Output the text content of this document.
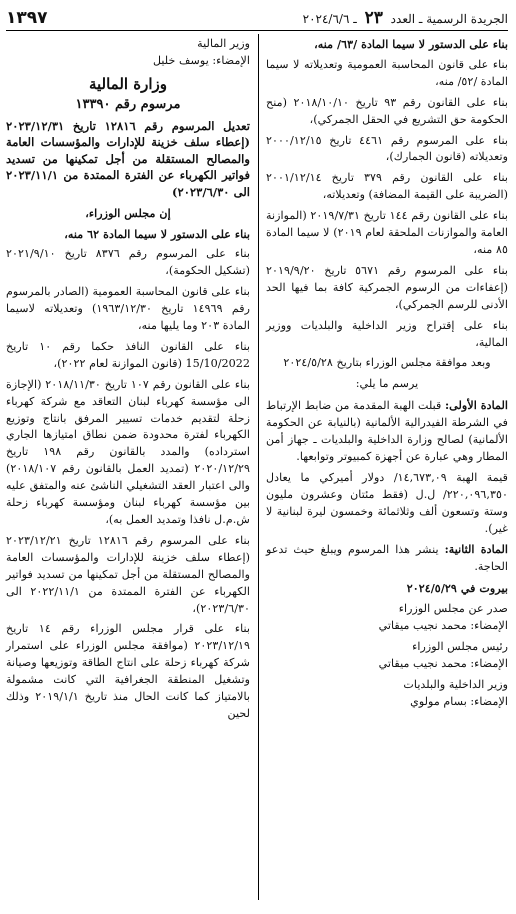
الجريدة الرسمية ـ العدد ٢٣ ـ ٢٠٢٤/٦/٦
١٣٩٧

بناء على الدستور لا سيما المادة /٦٣/ منه،

بناء على قانون المحاسبة العمومية وتعديلاته لا سيما المادة /٥٢/ منه،

بناء على القانون رقم ٩٣ تاريخ ٢٠١٨/١٠/١٠ (منح الحكومة حق التشريع في الحقل الجمركي)،

بناء على المرسوم رقم ٤٤٦١ تاريخ ٢٠٠٠/١٢/١٥ وتعديلاته (قانون الجمارك)،

بناء على القانون رقم ٣٧٩ تاريخ ٢٠٠١/١٢/١٤ (الضريبة على القيمة المضافة) وتعديلاته،

بناء على القانون رقم ١٤٤ تاريخ ٢٠١٩/٧/٣١ (الموازنة العامة والموازنات الملحقة لعام ٢٠١٩) لا سيما المادة ٨٥ منه،

بناء على المرسوم رقم ٥٦٧١ تاريخ ٢٠١٩/٩/٢٠ (إعفاءات من الرسوم الجمركية كافة بما فيها الحد الأدنى للرسم الجمركي)،

بناء على إقتراح وزير الداخلية والبلديات ووزير المالية،

وبعد موافقة مجلس الوزراء بتاريخ ٢٠٢٤/٥/٢٨

يرسم ما يلي:

المادة الأولى: قبلت الهبة المقدمة من ضابط الإرتباط في الشرطة الفيدرالية الألمانية (بالنيابة عن الحكومة الألمانية) لصالح وزارة الداخلية والبلديات ـ جهاز أمن المطار وهي عبارة عن أجهزة كمبيوتر وتوابعها.

قيمة الهبة ١٤,٦٧٣,٠٩/ دولار أميركي ما يعادل ٢٢٠,٠٩٦,٣٥٠/ ل.ل (فقط مئتان وعشرون مليون وستة وتسعون ألف وثلاثمائة وخمسون ليرة لبنانية لا غير).

المادة الثانية: ينشر هذا المرسوم ويبلغ حيث تدعو الحاجة.

بيروت في ٢٠٢٤/٥/٢٩

صدر عن مجلس الوزراء

الإمضاء: محمد نجيب ميقاتي

رئيس مجلس الوزراء

الإمضاء: محمد نجيب ميقاتي

وزير الداخلية والبلديات

الإمضاء: بسام مولوي

وزير المالية

الإمضاء: يوسف خليل

وزارة المالية
مرسوم رقم ١٣٣٩٠

تعديل المرسوم رقم ١٢٨١٦ تاريخ ٢٠٢٣/١٢/٣١ (إعطاء سلف خزينة للإدارات والمؤسسات العامة والمصالح المستقلة من أجل تمكينها من تسديد فواتير الكهرباء عن الفترة الممتدة من ٢٠٢٣/١١/١ الى ٢٠٢٣/٦/٣٠)

إن مجلس الوزراء،

بناء على الدستور لا سيما المادة ٦٢ منه،

بناء على المرسوم رقم ٨٣٧٦ تاريخ ٢٠٢١/٩/١٠ (تشكيل الحكومة)،

بناء على قانون المحاسبة العمومية (الصادر بالمرسوم رقم ١٤٩٦٩ تاريخ ١٩٦٣/١٢/٣٠) وتعديلاته لاسيما المادة ٢٠٣ وما يليها منه،

بناء على القانون النافذ حكما رقم ١٠ تاريخ 15/10/2022 (قانون الموازنة لعام ٢٠٢٢)،

بناء على القانون رقم ١٠٧ تاريخ ٢٠١٨/١١/٣٠ (الإجازة الى مؤسسة كهرباء لبنان التعاقد مع شركة كهرباء زحلة لتقديم خدمات تسيير المرفق بانتاج وتوزيع الكهرباء لفترة محدودة ضمن نطاق امتيازها الجاري استرداده) والمدد بالقانون رقم ١٩٨ تاريخ ٢٠٢٠/١٢/٢٩ (تمديد العمل بالقانون رقم ٢٠١٨/١٠٧) والى اعتبار العقد التشغيلي الناشئ عنه والمتفق عليه بين مؤسسة كهرباء لبنان ومؤسسة كهرباء زحلة ش.م.ل نافذا وتمديد العمل به)،

بناء على المرسوم رقم ١٢٨١٦ تاريخ ٢٠٢٣/١٢/٢١ (إعطاء سلف خزينة للإدارات والمؤسسات العامة والمصالح المستقلة من أجل تمكينها من تسديد فواتير الكهرباء عن الفترة الممتدة من ٢٠٢٢/١١/١ الى ٢٠٢٣/٦/٣٠)،

بناء على قرار مجلس الوزراء رقم ١٤ تاريخ ٢٠٢٣/١٢/١٩ (موافقة مجلس الوزراء على استمرار شركة كهرباء زحلة على انتاج الطاقة وتوزيعها وصيانة وتشغيل المنطقة الجغرافية التي كانت مشمولة بالامتياز كما كانت الحال منذ تاريخ ٢٠١٩/١/١ وذلك لحين
